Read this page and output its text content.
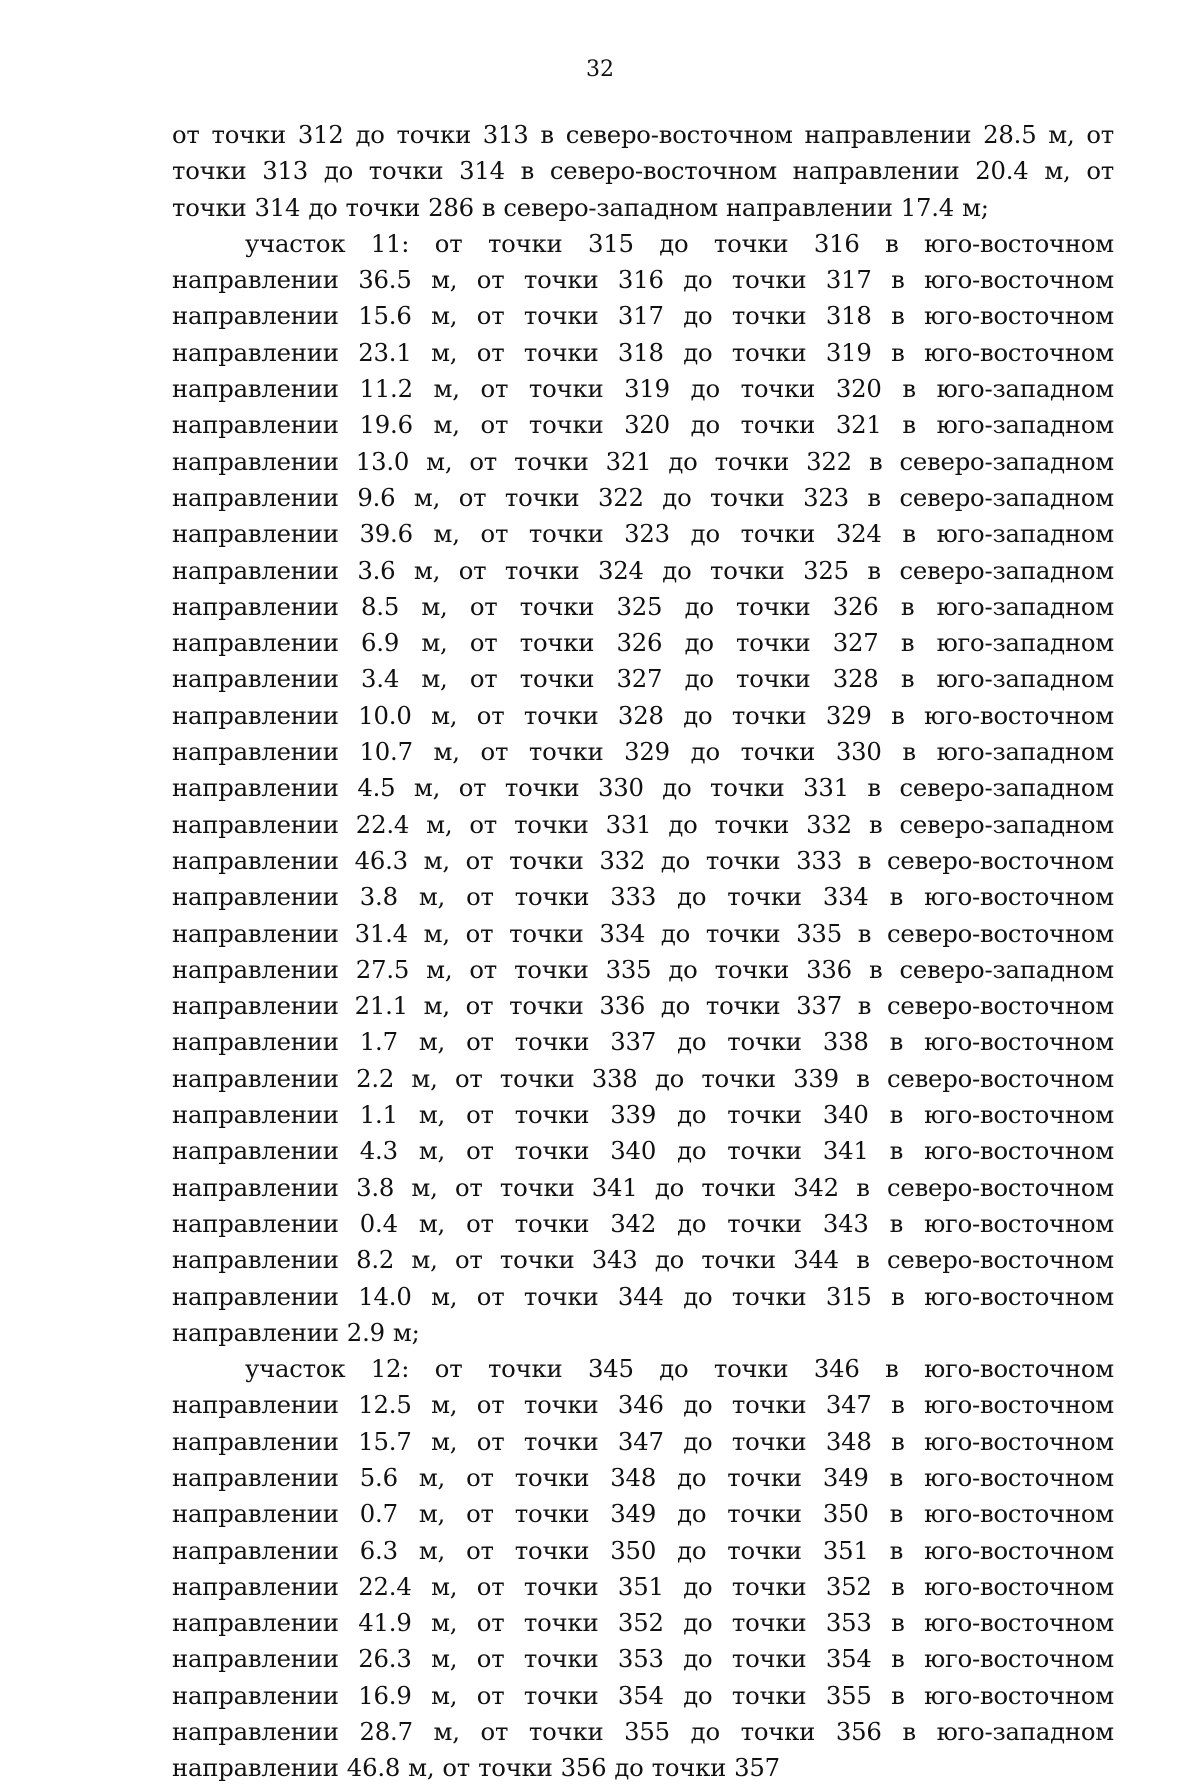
32

от точки 312 до точки 313 в северо-восточном направлении 28.5 м, от точки 313 до точки 314 в северо-восточном направлении 20.4 м, от точки 314 до точки 286 в северо-западном направлении 17.4 м;

участок 11: от точки 315 до точки 316 в юго-восточном направлении 36.5 м, от точки 316 до точки 317 в юго-восточном направлении 15.6 м, от точки 317 до точки 318 в юго-восточном направлении 23.1 м, от точки 318 до точки 319 в юго-восточном направлении 11.2 м, от точки 319 до точки 320 в юго-западном направлении 19.6 м, от точки 320 до точки 321 в юго-западном направлении 13.0 м, от точки 321 до точки 322 в северо-западном направлении 9.6 м, от точки 322 до точки 323 в северо-западном направлении 39.6 м, от точки 323 до точки 324 в юго-западном направлении 3.6 м, от точки 324 до точки 325 в северо-западном направлении 8.5 м, от точки 325 до точки 326 в юго-западном направлении 6.9 м, от точки 326 до точки 327 в юго-западном направлении 3.4 м, от точки 327 до точки 328 в юго-западном направлении 10.0 м, от точки 328 до точки 329 в юго-восточном направлении 10.7 м, от точки 329 до точки 330 в юго-западном направлении 4.5 м, от точки 330 до точки 331 в северо-западном направлении 22.4 м, от точки 331 до точки 332 в северо-западном направлении 46.3 м, от точки 332 до точки 333 в северо-восточном направлении 3.8 м, от точки 333 до точки 334 в юго-восточном направлении 31.4 м, от точки 334 до точки 335 в северо-восточном направлении 27.5 м, от точки 335 до точки 336 в северо-западном направлении 21.1 м, от точки 336 до точки 337 в северо-восточном направлении 1.7 м, от точки 337 до точки 338 в юго-восточном направлении 2.2 м, от точки 338 до точки 339 в северо-восточном направлении 1.1 м, от точки 339 до точки 340 в юго-восточном направлении 4.3 м, от точки 340 до точки 341 в юго-восточном направлении 3.8 м, от точки 341 до точки 342 в северо-восточном направлении 0.4 м, от точки 342 до точки 343 в юго-восточном направлении 8.2 м, от точки 343 до точки 344 в северо-восточном направлении 14.0 м, от точки 344 до точки 315 в юго-восточном направлении 2.9 м;

участок 12: от точки 345 до точки 346 в юго-восточном направлении 12.5 м, от точки 346 до точки 347 в юго-восточном направлении 15.7 м, от точки 347 до точки 348 в юго-восточном направлении 5.6 м, от точки 348 до точки 349 в юго-восточном направлении 0.7 м, от точки 349 до точки 350 в юго-восточном направлении 6.3 м, от точки 350 до точки 351 в юго-восточном направлении 22.4 м, от точки 351 до точки 352 в юго-восточном направлении 41.9 м, от точки 352 до точки 353 в юго-восточном направлении 26.3 м, от точки 353 до точки 354 в юго-восточном направлении 16.9 м, от точки 354 до точки 355 в юго-восточном направлении 28.7 м, от точки 355 до точки 356 в юго-западном направлении 46.8 м, от точки 356 до точки 357
